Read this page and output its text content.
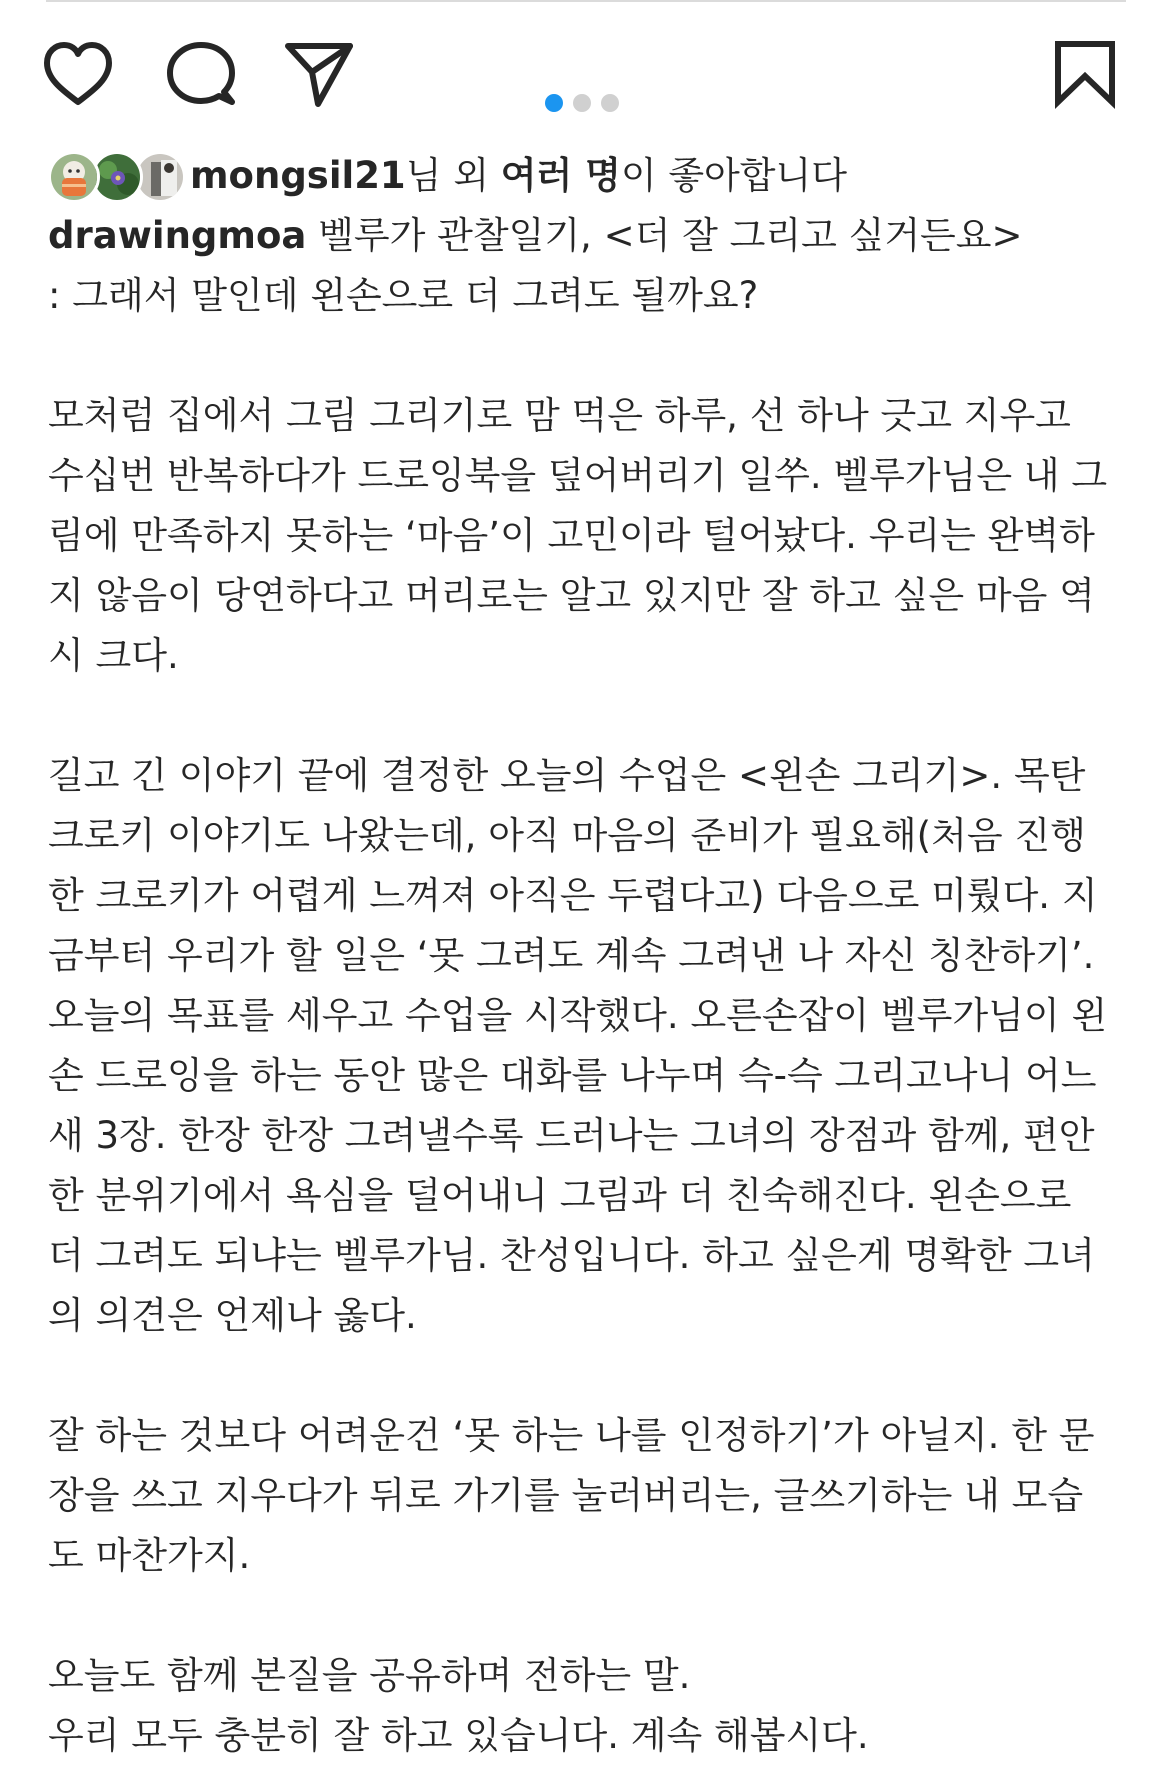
mongsil21님 외 여러 명이 좋아합니다

drawingmoa 벨루가 관찰일기, <더 잘 그리고 싶거든요>

: 그래서 말인데 왼손으로 더 그려도 될까요?

모처럼 집에서 그림 그리기로 맘 먹은 하루, 선 하나 긋고 지우고
수십번 반복하다가 드로잉북을 덮어버리기 일쑤. 벨루가님은 내 그
림에 만족하지 못하는 ‘마음’이 고민이라 털어놨다. 우리는 완벽하
지 않음이 당연하다고 머리로는 알고 있지만 잘 하고 싶은 마음 역
시 크다.

길고 긴 이야기 끝에 결정한 오늘의 수업은 <왼손 그리기>. 목탄
크로키 이야기도 나왔는데, 아직 마음의 준비가 필요해(처음 진행
한 크로키가 어렵게 느껴져 아직은 두렵다고) 다음으로 미뤘다. 지
금부터 우리가 할 일은 ‘못 그려도 계속 그려낸 나 자신 칭찬하기’.
오늘의 목표를 세우고 수업을 시작했다. 오른손잡이 벨루가님이 왼
손 드로잉을 하는 동안 많은 대화를 나누며 슥-슥 그리고나니 어느
새 3장. 한장 한장 그려낼수록 드러나는 그녀의 장점과 함께, 편안
한 분위기에서 욕심을 덜어내니 그림과 더 친숙해진다. 왼손으로
더 그려도 되냐는 벨루가님. 찬성입니다. 하고 싶은게 명확한 그녀
의 의견은 언제나 옳다.

잘 하는 것보다 어려운건 ‘못 하는 나를 인정하기’가 아닐지. 한 문
장을 쓰고 지우다가 뒤로 가기를 눌러버리는, 글쓰기하는 내 모습
도 마찬가지.

오늘도 함께 본질을 공유하며 전하는 말.
우리 모두 충분히 잘 하고 있습니다. 계속 해봅시다.
